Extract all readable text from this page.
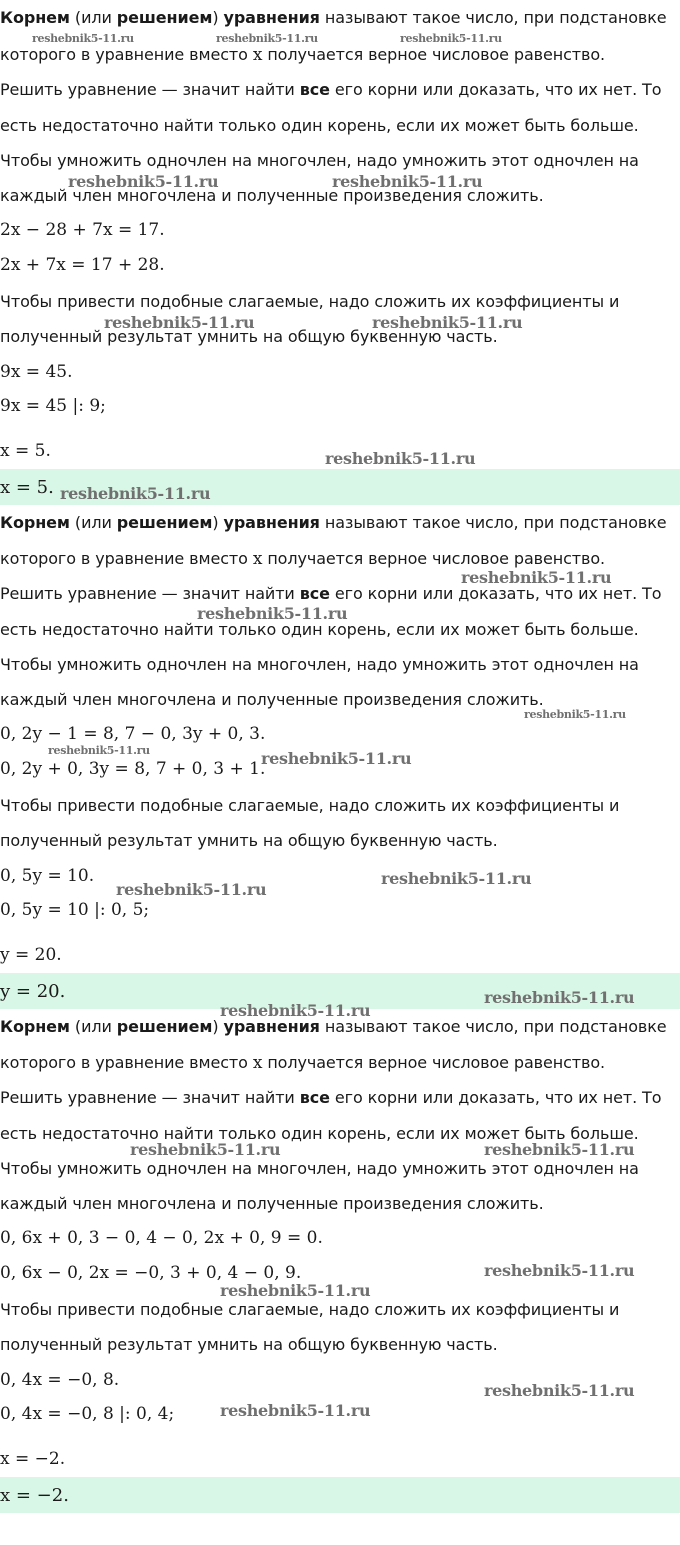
Корнем (или решением) уравнения называют такое число, при подстановке
которого в уравнение вместо x получается верное числовое равенство.
Решить уравнение — значит найти все его корни или доказать, что их нет. То
есть недостаточно найти только один корень, если их может быть больше.
Чтобы умножить одночлен на многочлен, надо умножить этот одночлен на
каждый член многочлена и полученные произведения сложить.
2x − 28 + 7x = 17.
2x + 7x = 17 + 28.
Чтобы привести подобные слагаемые, надо сложить их коэффициенты и
полученный результат умнить на общую буквенную часть.
9x = 45.
9x = 45 |: 9;
x = 5.
x = 5.
Корнем (или решением) уравнения называют такое число, при подстановке
которого в уравнение вместо x получается верное числовое равенство.
Решить уравнение — значит найти все его корни или доказать, что их нет. То
есть недостаточно найти только один корень, если их может быть больше.
Чтобы умножить одночлен на многочлен, надо умножить этот одночлен на
каждый член многочлена и полученные произведения сложить.
0, 2y − 1 = 8, 7 − 0, 3y + 0, 3.
0, 2y + 0, 3y = 8, 7 + 0, 3 + 1.
Чтобы привести подобные слагаемые, надо сложить их коэффициенты и
полученный результат умнить на общую буквенную часть.
0, 5y = 10.
0, 5y = 10 |: 0, 5;
y = 20.
y = 20.
Корнем (или решением) уравнения называют такое число, при подстановке
которого в уравнение вместо x получается верное числовое равенство.
Решить уравнение — значит найти все его корни или доказать, что их нет. То
есть недостаточно найти только один корень, если их может быть больше.
Чтобы умножить одночлен на многочлен, надо умножить этот одночлен на
каждый член многочлена и полученные произведения сложить.
0, 6x + 0, 3 − 0, 4 − 0, 2x + 0, 9 = 0.
0, 6x − 0, 2x = −0, 3 + 0, 4 − 0, 9.
Чтобы привести подобные слагаемые, надо сложить их коэффициенты и
полученный результат умнить на общую буквенную часть.
0, 4x = −0, 8.
0, 4x = −0, 8 |: 0, 4;
x = −2.
x = −2.
reshebnik5-11.ru	reshebnik5-11.ru	reshebnik5-11.ru
reshebnik5-11.ru	reshebnik5-11.ru
reshebnik5-11.ru	reshebnik5-11.ru
reshebnik5-11.ru
reshebnik5-11.ru
reshebnik5-11.ru
reshebnik5-11.ru
reshebnik5-11.ru
reshebnik5-11.ru	reshebnik5-11.ru
reshebnik5-11.ru
reshebnik5-11.ru
reshebnik5-11.ru
reshebnik5-11.ru
reshebnik5-11.ru	reshebnik5-11.ru
reshebnik5-11.ru
reshebnik5-11.ru
reshebnik5-11.ru
reshebnik5-11.ru
